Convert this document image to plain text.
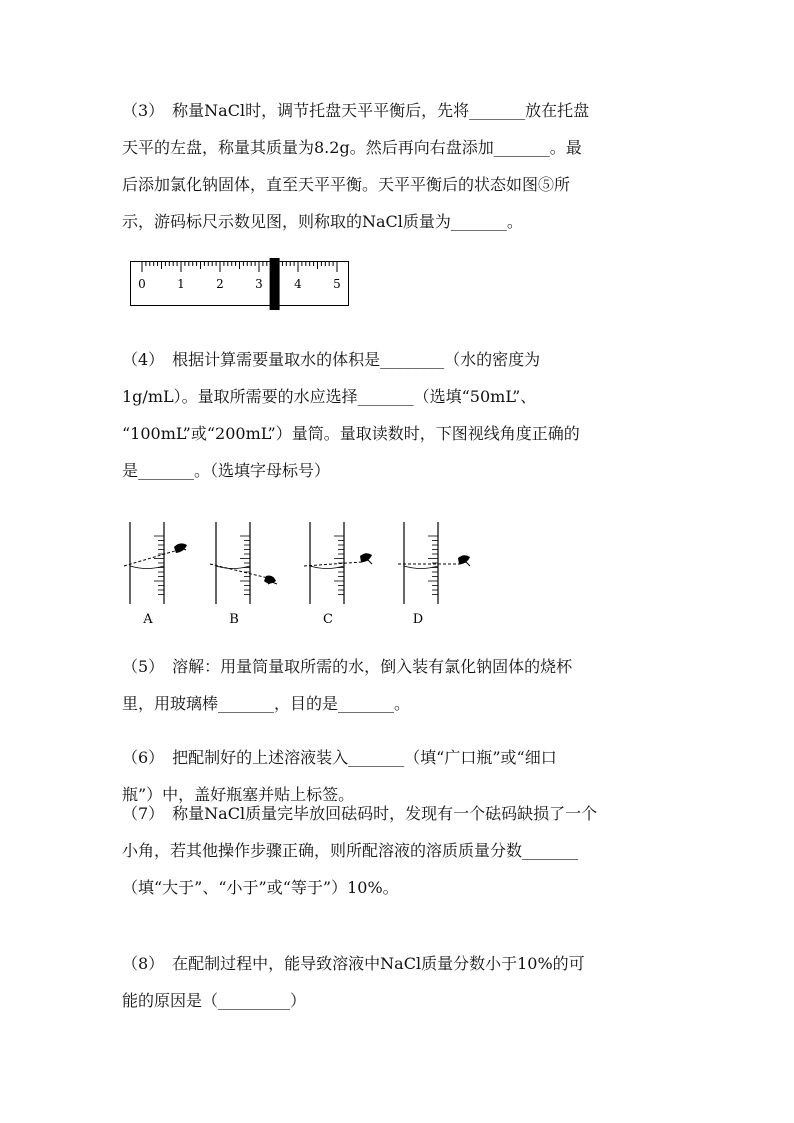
（3）　称量NaCl时，调节托盘天平平衡后，先将_______放在托盘
天平的左盘，称量其质量为8.2g。然后再向右盘添加_______。最
后添加氯化钠固体，直至天平平衡。天平平衡后的状态如图⑤所
示，游码标尺示数见图，则称取的NaCl质量为_______。
0	1	2	3	4	5
（4）　根据计算需要量取水的体积是________（水的密度为
1g/mL）。量取所需要的水应选择_______（选填“50mL”、
“100mL”或“200mL”）量筒。量取读数时，下图视线角度正确的
是_______。（选填字母标号）
A	B	C	D
（5）　溶解：用量筒量取所需的水，倒入装有氯化钠固体的烧杯
里，用玻璃棒_______，目的是_______。
（6）　把配制好的上述溶液装入_______（填“广口瓶”或“细口
瓶”）中，盖好瓶塞并贴上标签。
（7）　称量NaCl质量完毕放回砝码时，发现有一个砝码缺损了一个
小角，若其他操作步骤正确，则所配溶液的溶质质量分数_______
（填“大于”、“小于”或“等于”）10%。
（8）　在配制过程中，能导致溶液中NaCl质量分数小于10%的可
能的原因是（_________）
